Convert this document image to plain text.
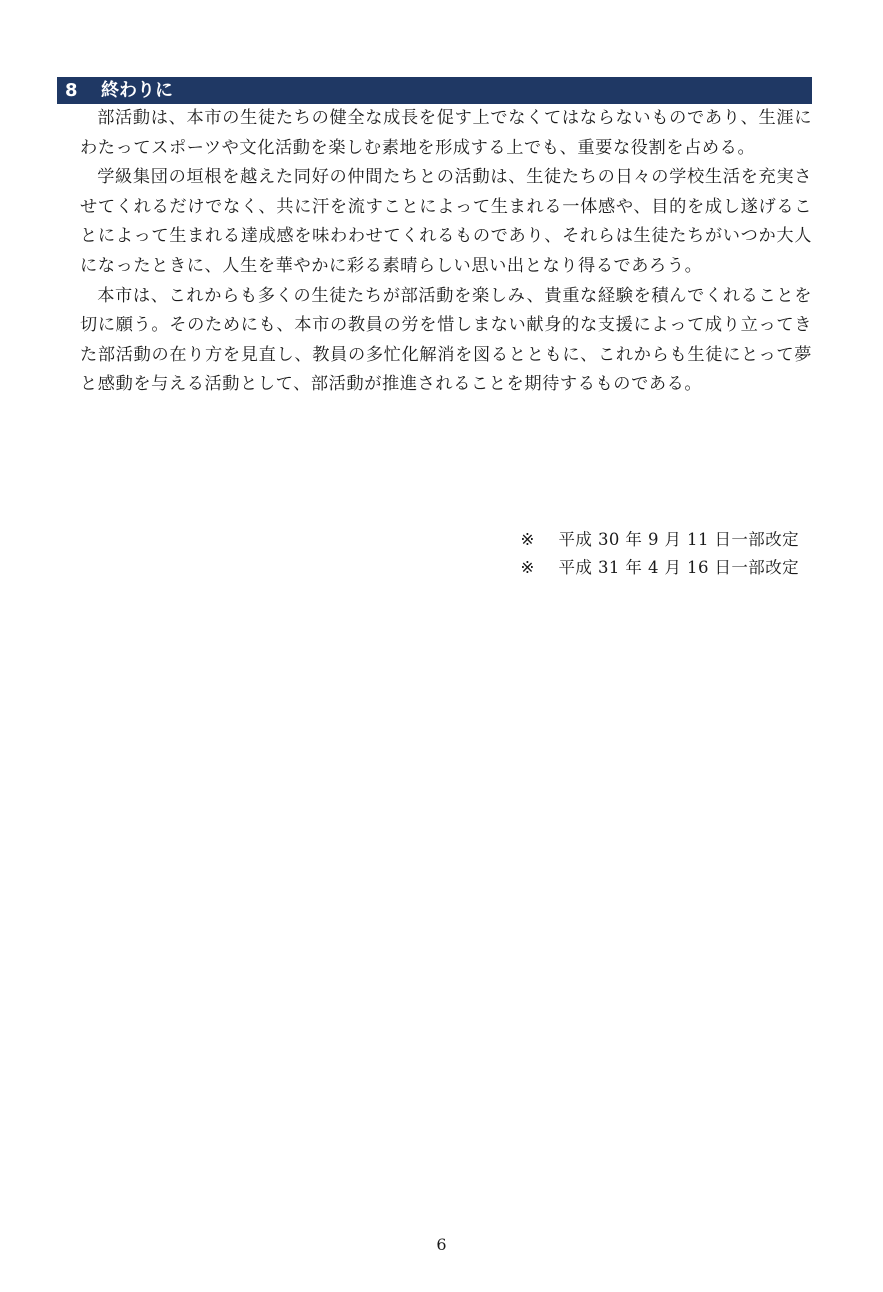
8 終わりに

部活動は、本市の生徒たちの健全な成長を促す上でなくてはならないものであり、生涯にわたってスポーツや文化活動を楽しむ素地を形成する上でも、重要な役割を占める。

学級集団の垣根を越えた同好の仲間たちとの活動は、生徒たちの日々の学校生活を充実させてくれるだけでなく、共に汗を流すことによって生まれる一体感や、目的を成し遂げることによって生まれる達成感を味わわせてくれるものであり、それらは生徒たちがいつか大人になったときに、人生を華やかに彩る素晴らしい思い出となり得るであろう。

本市は、これからも多くの生徒たちが部活動を楽しみ、貴重な経験を積んでくれることを切に願う。そのためにも、本市の教員の労を惜しまない献身的な支援によって成り立ってきた部活動の在り方を見直し、教員の多忙化解消を図るとともに、これからも生徒にとって夢と感動を与える活動として、部活動が推進されることを期待するものである。

※ 平成 30 年 9 月 11 日一部改定
※ 平成 31 年 4 月 16 日一部改定
6
